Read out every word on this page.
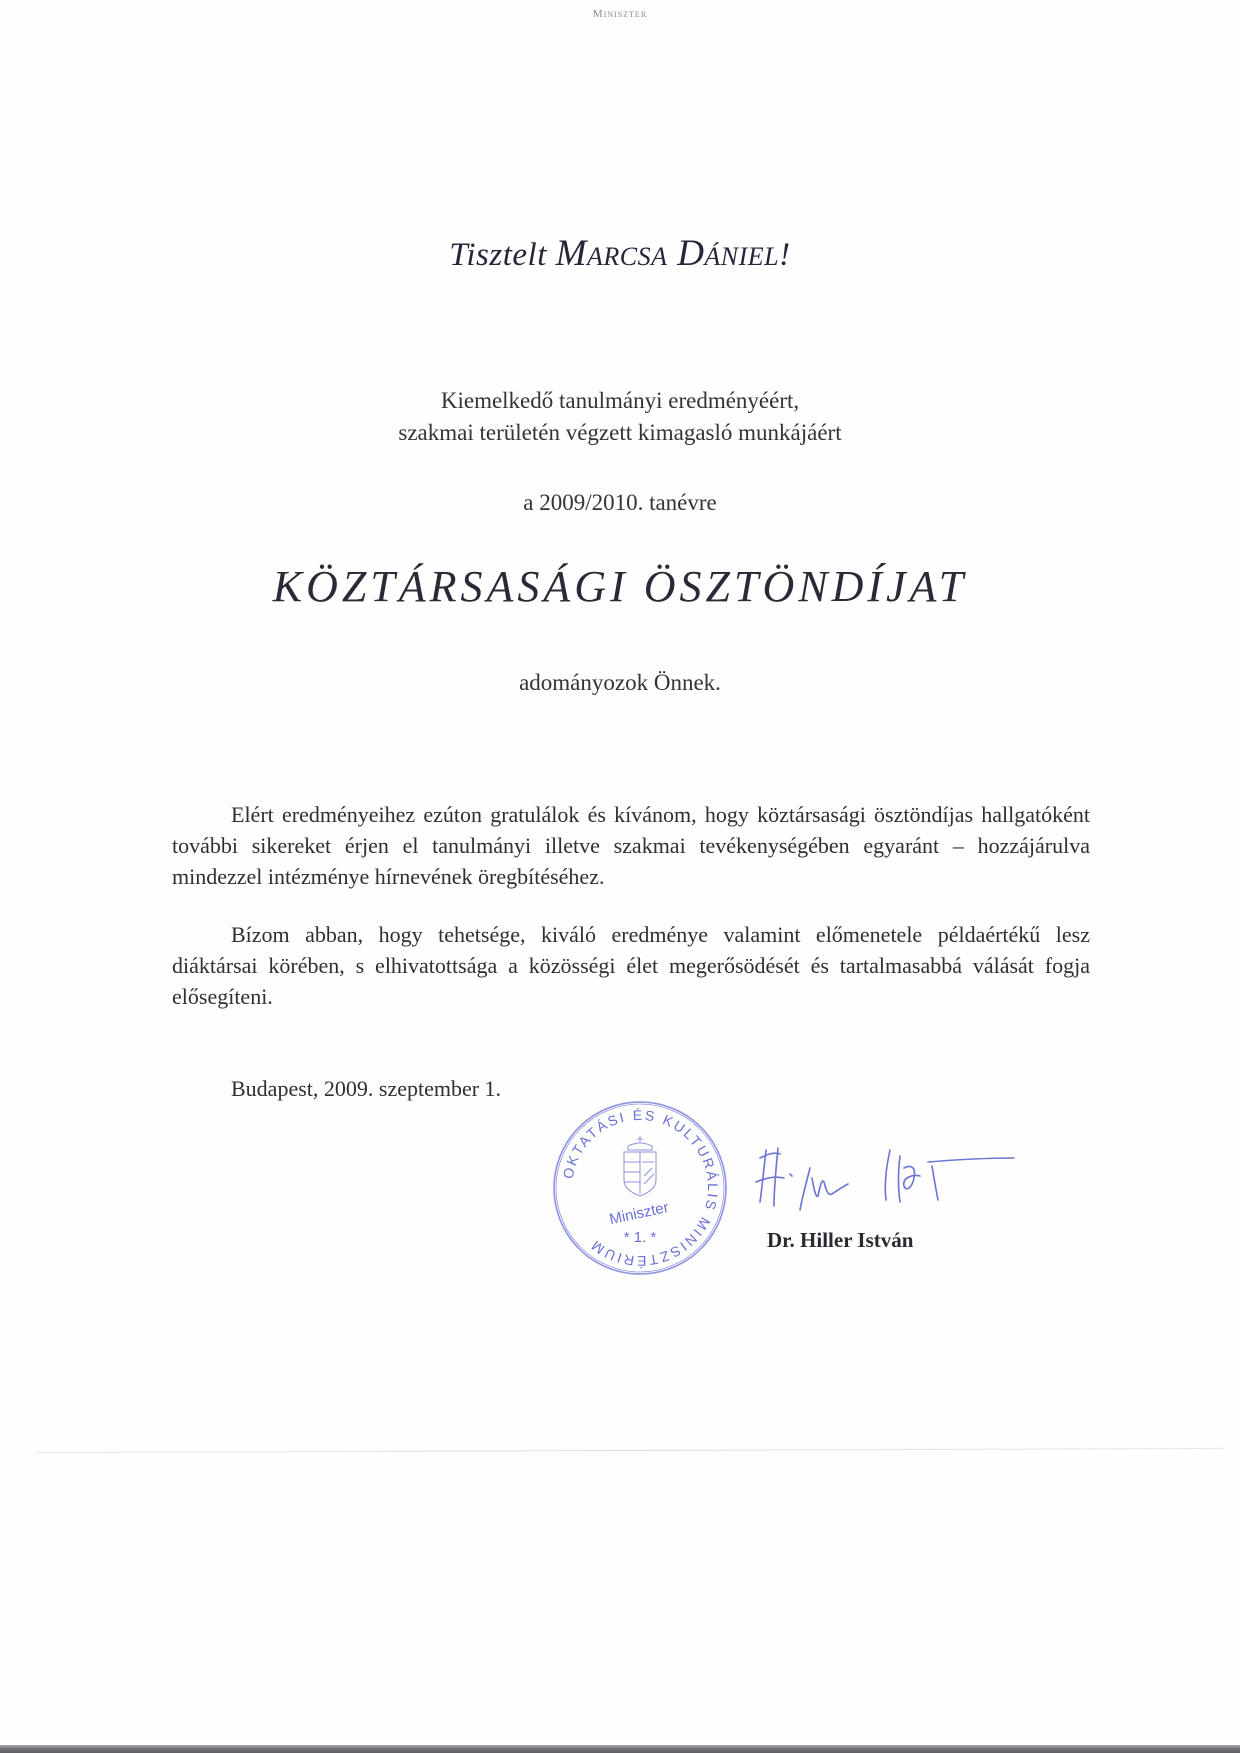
Miniszter
Tisztelt Marcsa Dániel!
Kiemelkedő tanulmányi eredményéért,
szakmai területén végzett kimagasló munkájáért
a 2009/2010. tanévre
KÖZTÁRSASÁGI ÖSZTÖNDÍJAT
adományozok Önnek.

Elért eredményeihez ezúton gratulálok és kívánom, hogy köztársasági ösztöndíjas hallgatóként további sikereket érjen el tanulmányi illetve szakmai tevékenységében egyaránt – hozzájárulva mindezzel intézménye hírnevének öregbítéséhez.

Bízom abban, hogy tehetsége, kiváló eredménye valamint előmenetele példaértékű lesz diáktársai körében, s elhivatottsága a közösségi élet megerősödését és tartalmasabbá válását fogja elősegíteni.

Budapest, 2009. szeptember 1.
OKTATÁSI ÉS KULTURÁLIS MINISZTÉRIUM
Miniszter
* 1. *	Dr. Hiller István
